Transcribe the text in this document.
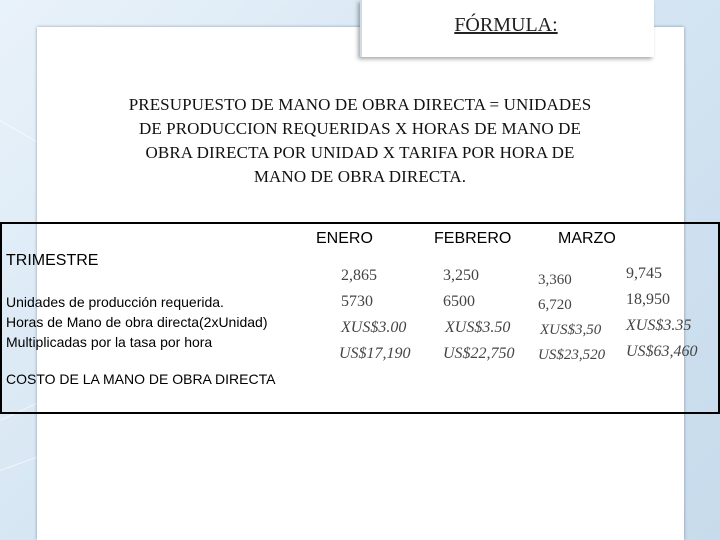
FÓRMULA:
PRESUPUESTO DE MANO DE OBRA DIRECTA = UNIDADES
DE PRODUCCION REQUERIDAS X HORAS DE MANO DE
OBRA DIRECTA POR UNIDAD X TARIFA POR HORA DE
MANO DE OBRA DIRECTA.
ENERO	FEBRERO	MARZO
TRIMESTRE
Unidades de producción requerida.
Horas de Mano de obra directa(2xUnidad)
Multiplicadas por la tasa por hora
COSTO DE LA MANO DE OBRA DIRECTA
2,865
5730
XUS$3.00
US$17,190
3,250
6500
XUS$3.50
US$22,750
3,360
6,720
XUS$3,50
US$23,520
9,745
18,950
XUS$3.35
US$63,460
